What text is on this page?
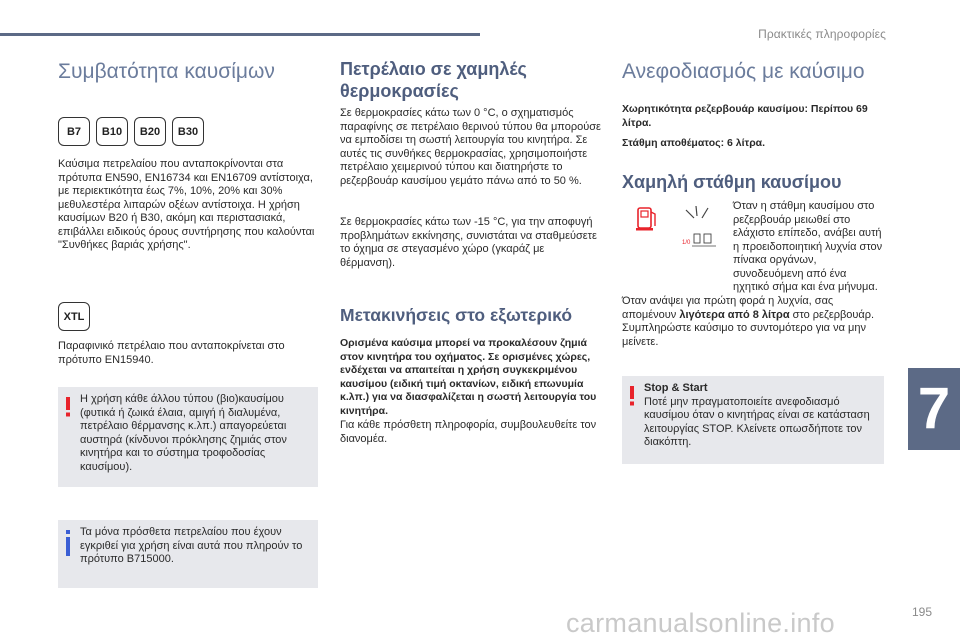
Πρακτικές πληροφορίες
Συμβατότητα καυσίμων
B7	B10	B20	B30
Καύσιμα πετρελαίου που ανταποκρίνονται στα πρότυπα EN590, EN16734 και EN16709 αντίστοιχα, με περιεκτικότητα έως 7%, 10%, 20% και 30% μεθυλεστέρα λιπαρών οξέων αντίστοιχα. Η χρήση καυσίμων B20 ή B30, ακόμη και περιστασιακά, επιβάλλει ειδικούς όρους συντήρησης που καλούνται "Συνθήκες βαριάς χρήσης".
XTL
Παραφινικό πετρέλαιο που ανταποκρίνεται στο πρότυπο EN15940.
Η χρήση κάθε άλλου τύπου (βιο)καυσίμου (φυτικά ή ζωικά έλαια, αμιγή ή διαλυμένα, πετρέλαιο θέρμανσης κ.λπ.) απαγορεύεται αυστηρά (κίνδυνοι πρόκλησης ζημιάς στον κινητήρα και το σύστημα τροφοδοσίας καυσίμου).
Τα μόνα πρόσθετα πετρελαίου που έχουν εγκριθεί για χρήση είναι αυτά που πληρούν το πρότυπο B715000.
Πετρέλαιο σε χαμηλές θερμοκρασίες
Σε θερμοκρασίες κάτω των 0 °C, ο σχηματισμός παραφίνης σε πετρέλαιο θερινού τύπου θα μπορούσε να εμποδίσει τη σωστή λειτουργία του κινητήρα. Σε αυτές τις συνθήκες θερμοκρασίας, χρησιμοποιήστε πετρέλαιο χειμερινού τύπου και διατηρήστε το ρεζερβουάρ καυσίμου γεμάτο πάνω από το 50 %.
Σε θερμοκρασίες κάτω των -15 °C, για την αποφυγή προβλημάτων εκκίνησης, συνιστάται να σταθμεύσετε το όχημα σε στεγασμένο χώρο (γκαράζ με θέρμανση).
Μετακινήσεις στο εξωτερικό
Ορισμένα καύσιμα μπορεί να προκαλέσουν ζημιά στον κινητήρα του οχήματος. Σε ορισμένες χώρες, ενδέχεται να απαιτείται η χρήση συγκεκριμένου καυσίμου (ειδική τιμή οκτανίων, ειδική επωνυμία κ.λπ.) για να διασφαλίζεται η σωστή λειτουργία του κινητήρα.
Για κάθε πρόσθετη πληροφορία, συμβουλευθείτε τον διανομέα.
Ανεφοδιασμός με καύσιμο
Χωρητικότητα ρεζερβουάρ καυσίμου: Περίπου 69 λίτρα.
Στάθμη αποθέματος: 6 λίτρα.
Χαμηλή στάθμη καυσίμου
1/0
Όταν η στάθμη καυσίμου στο ρεζερβουάρ μειωθεί στο ελάχιστο επίπεδο, ανάβει αυτή η προειδοποιητική λυχνία στον πίνακα οργάνων, συνοδευόμενη από ένα ηχητικό σήμα και ένα μήνυμα.
Όταν ανάψει για πρώτη φορά η λυχνία, σας απομένουν λιγότερα από 8 λίτρα στο ρεζερβουάρ. Συμπληρώστε καύσιμο το συντομότερο για να μην μείνετε.
Stop & Start
Ποτέ μην πραγματοποιείτε ανεφοδιασμό καυσίμου όταν ο κινητήρας είναι σε κατάσταση λειτουργίας STOP. Κλείνετε οπωσδήποτε τον διακόπτη.
7
carmanualsonline.info	195
